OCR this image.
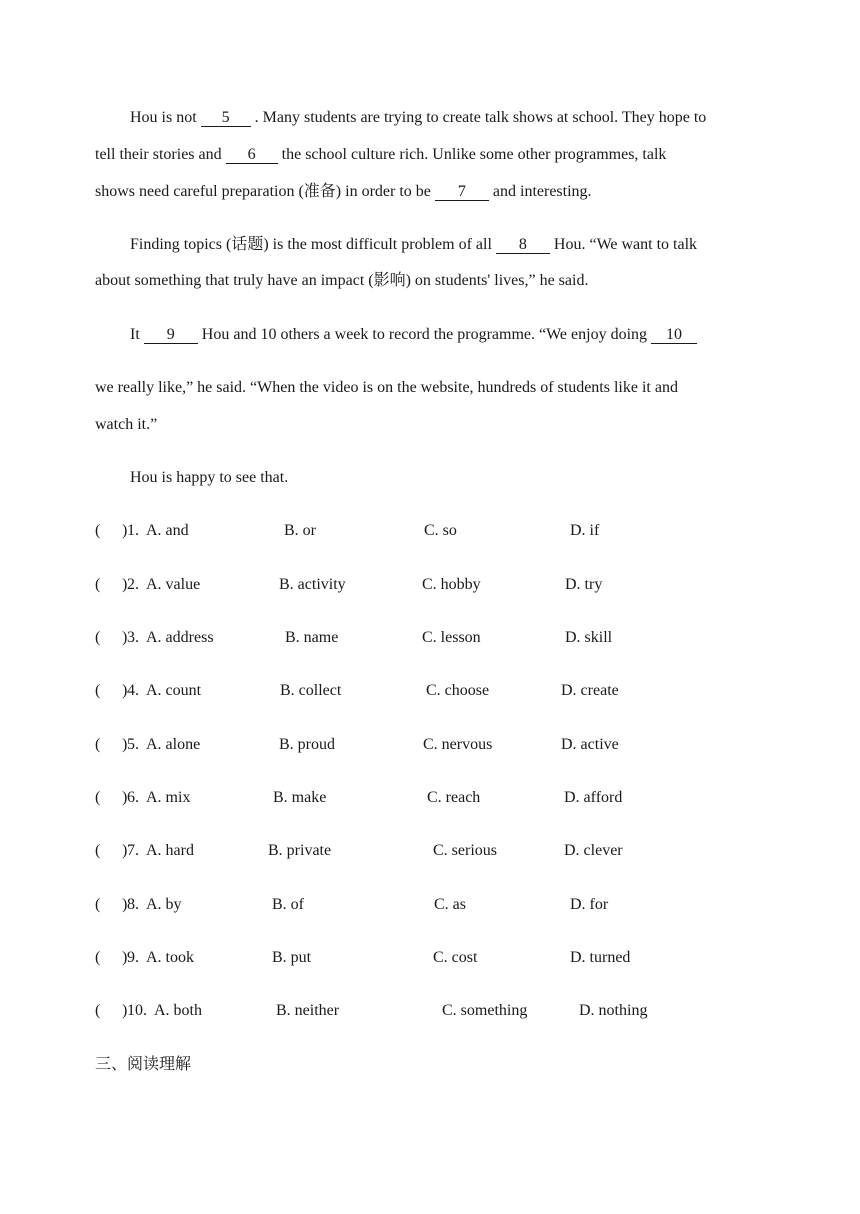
Hou is not 5 . Many students are trying to create talk shows at school. They hope to
tell their stories and 6 the school culture rich. Unlike some other programmes, talk
shows need careful preparation (准备) in order to be 7 and interesting.
Finding topics (话题) is the most difficult problem of all 8 Hou. “We want to talk
about something that truly have an impact (影响) on students' lives,” he said.
It 9 Hou and 10 others a week to record the programme. “We enjoy doing 10
we really like,” he said. “When the video is on the website, hundreds of students like it and
watch it.”
Hou is happy to see that.
( ) 1. A. and	B. or	C. so	D. if
( ) 2. A. value	B. activity	C. hobby	D. try
( ) 3. A. address	B. name	C. lesson	D. skill
( ) 4. A. count	B. collect	C. choose	D. create
( ) 5. A. alone	B. proud	C. nervous	D. active
( ) 6. A. mix	B. make	C. reach	D. afford
( ) 7. A. hard	B. private	C. serious	D. clever
( ) 8. A. by	B. of	C. as	D. for
( ) 9. A. took	B. put	C. cost	D. turned
( ) 10. A. both	B. neither	C. something	D. nothing
三、阅读理解
